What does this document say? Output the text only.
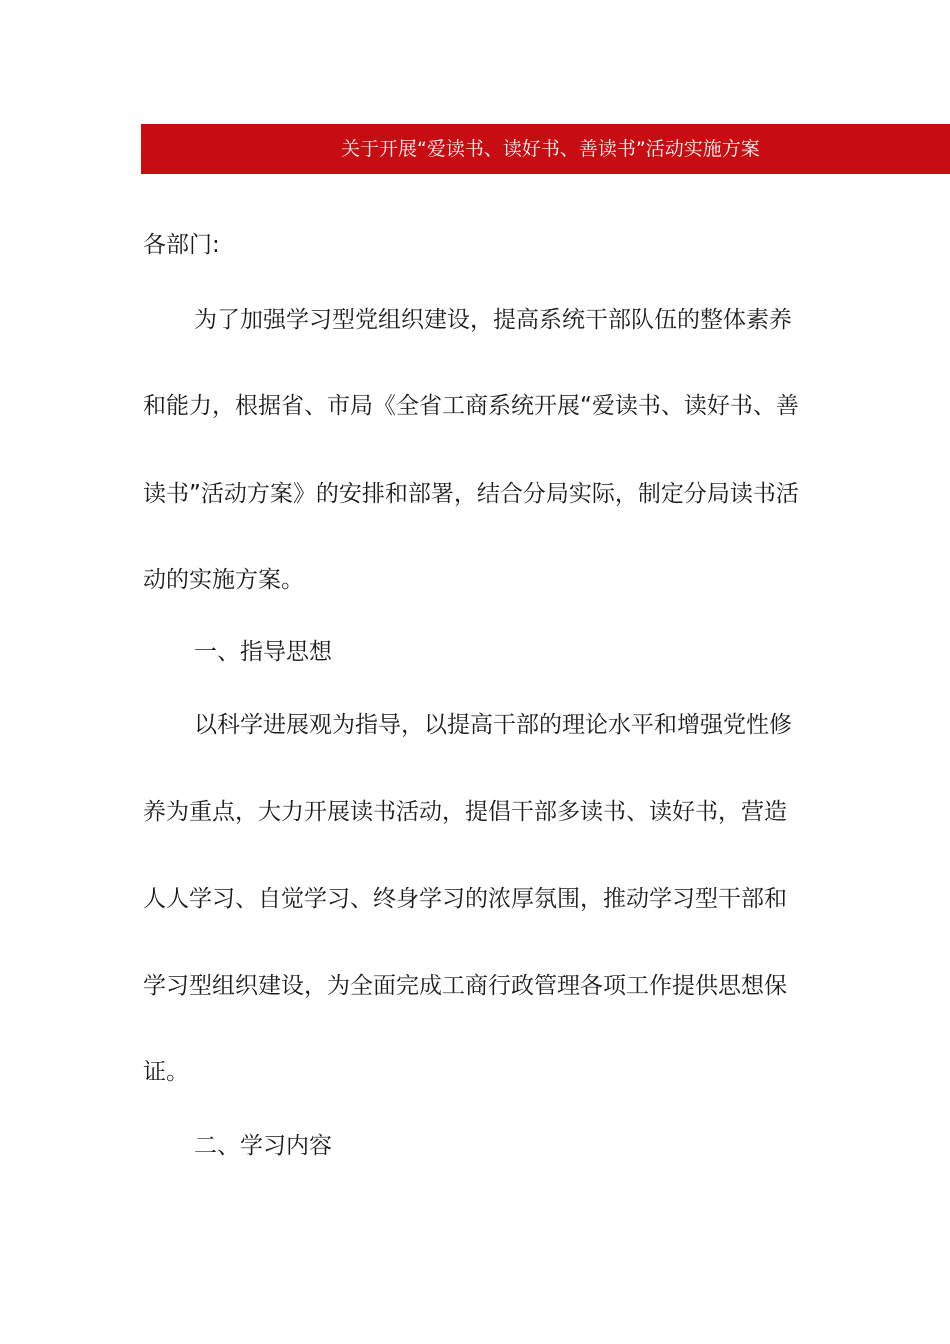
关于开展“爱读书、读好书、善读书”活动实施方案
各部门:
为了加强学习型党组织建设，提高系统干部队伍的整体素养
和能力，根据省、市局《全省工商系统开展“爱读书、读好书、善
读书”活动方案》的安排和部署，结合分局实际，制定分局读书活
动的实施方案。
一、指导思想
以科学进展观为指导，以提高干部的理论水平和增强党性修
养为重点，大力开展读书活动，提倡干部多读书、读好书，营造
人人学习、自觉学习、终身学习的浓厚氛围，推动学习型干部和
学习型组织建设，为全面完成工商行政管理各项工作提供思想保
证。
二、学习内容
